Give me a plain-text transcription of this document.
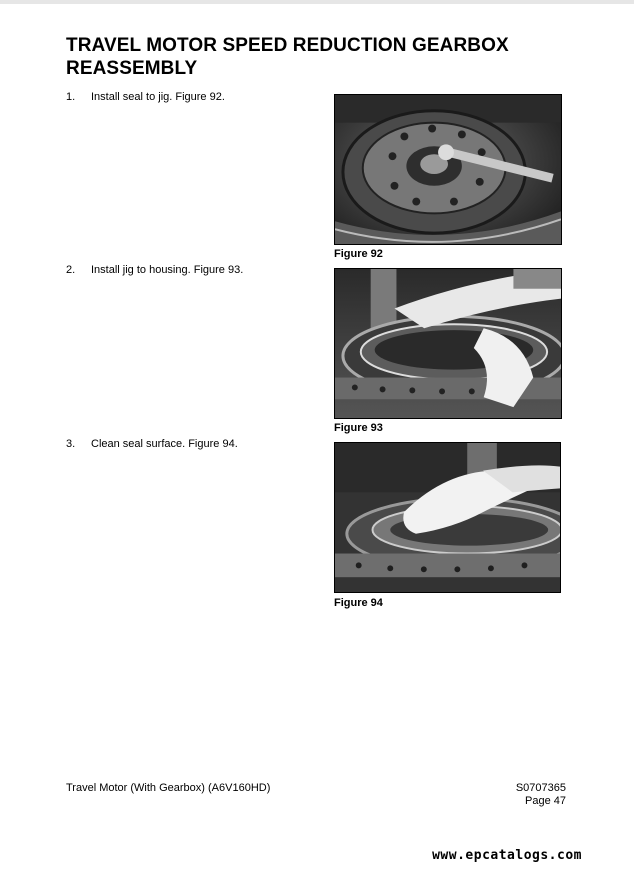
TRAVEL MOTOR SPEED REDUCTION GEARBOX
REASSEMBLY
1. Install seal to jig. Figure 92.
Figure 92
2. Install jig to housing. Figure 93.
Figure 93
3. Clean seal surface. Figure 94.
Figure 94
Travel Motor (With Gearbox) (A6V160HD)	S0707365
Page 47
www.epcatalogs.com
